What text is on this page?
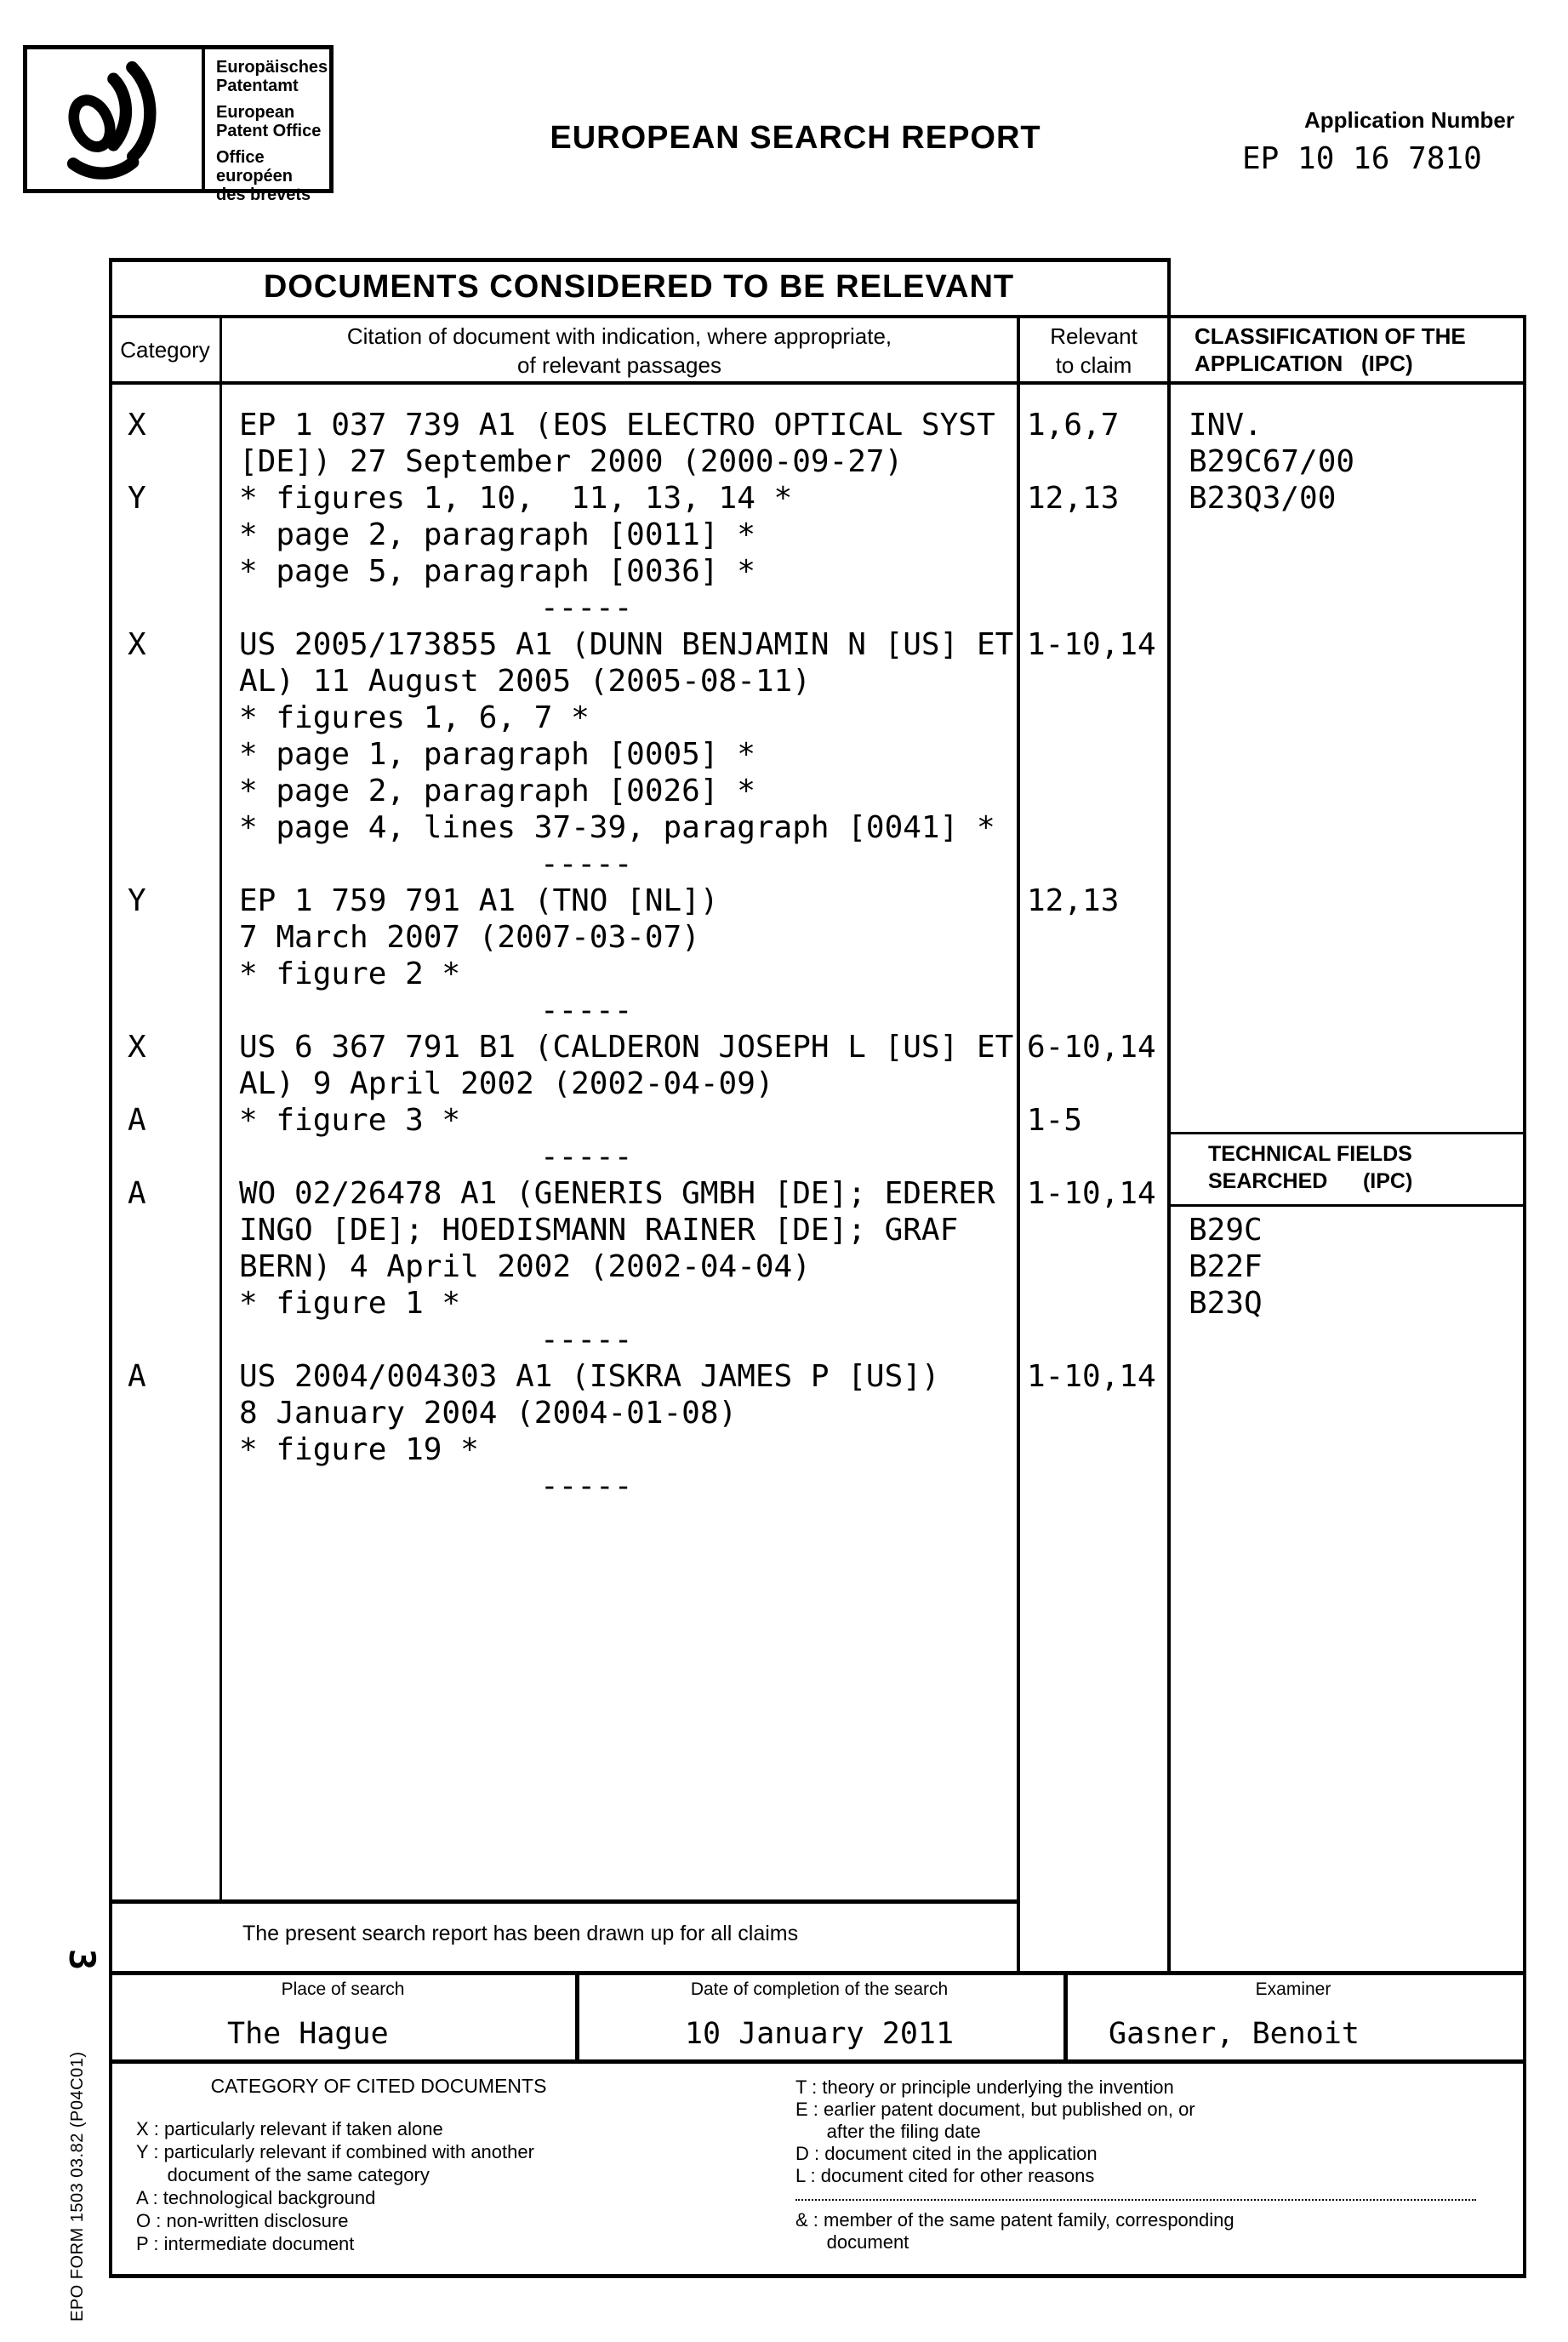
Europäisches
Patentamt
European
Patent Office
Office européen
des brevets
EUROPEAN SEARCH REPORT	Application Number
EP 10 16 7810
DOCUMENTS CONSIDERED TO BE RELEVANT
Category
Citation of document with indication, where appropriate,
of relevant passages
Relevant
to claim
CLASSIFICATION OF THE
APPLICATION   (IPC)
X	EP 1 037 739 A1 (EOS ELECTRO OPTICAL SYST 1,6,7
[DE]) 27 September 2000 (2000-09-27)
Y	* figures 1, 10,  11, 13, 14 *	12,13
* page 2, paragraph [0011] *
* page 5, paragraph [0036] *
-----
X	US 2005/173855 A1 (DUNN BENJAMIN N [US] ET 1-10,14
AL) 11 August 2005 (2005-08-11)
* figures 1, 6, 7 *
* page 1, paragraph [0005] *
* page 2, paragraph [0026] *
* page 4, lines 37-39, paragraph [0041] *
-----
Y	EP 1 759 791 A1 (TNO [NL])	12,13
7 March 2007 (2007-03-07)
* figure 2 *
-----
X	US 6 367 791 B1 (CALDERON JOSEPH L [US] ET 6-10,14
AL) 9 April 2002 (2002-04-09)
A	* figure 3 *	1-5
-----
A	WO 02/26478 A1 (GENERIS GMBH [DE]; EDERER 1-10,14
INGO [DE]; HOEDISMANN RAINER [DE]; GRAF
BERN) 4 April 2002 (2002-04-04)
* figure 1 *
-----
A	US 2004/004303 A1 (ISKRA JAMES P [US])	1-10,14
8 January 2004 (2004-01-08)
* figure 19 *
-----
INV.
B29C67/00
B23Q3/00
TECHNICAL FIELDS
SEARCHED      (IPC)
B29C
B22F
B23Q
The present search report has been drawn up for all claims
Place of search	Date of completion of the search	Examiner
The Hague	10 January 2011	Gasner, Benoit
CATEGORY OF CITED DOCUMENTS
X : particularly relevant if taken alone
Y : particularly relevant if combined with another
document of the same category
A : technological background
O : non-written disclosure
P : intermediate document
T : theory or principle underlying the invention
E : earlier patent document, but published on, or
after the filing date
D : document cited in the application
L : document cited for other reasons
& : member of the same patent family, corresponding
document
3
EPO FORM 1503 03.82 (P04C01)
